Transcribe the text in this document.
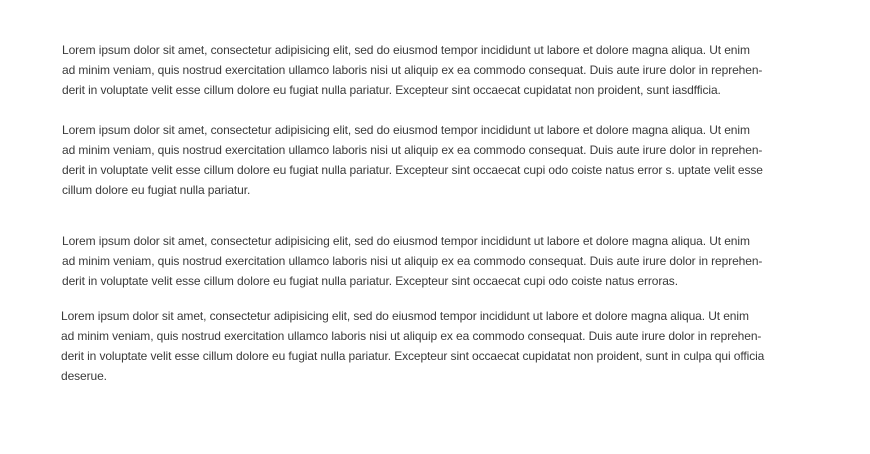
Lorem ipsum dolor sit amet, consectetur adipisicing elit, sed do eiusmod tempor incididunt ut labore et dolore magna aliqua. Ut enim
ad minim veniam, quis nostrud exercitation ullamco laboris nisi ut aliquip ex ea commodo consequat. Duis aute irure dolor in reprehen-
derit in voluptate velit esse cillum dolore eu fugiat nulla pariatur. Excepteur sint occaecat cupidatat non proident, sunt iasdfficia.

Lorem ipsum dolor sit amet, consectetur adipisicing elit, sed do eiusmod tempor incididunt ut labore et dolore magna aliqua. Ut enim
ad minim veniam, quis nostrud exercitation ullamco laboris nisi ut aliquip ex ea commodo consequat. Duis aute irure dolor in reprehen-
derit in voluptate velit esse cillum dolore eu fugiat nulla pariatur. Excepteur sint occaecat cupi odo coiste natus error s. uptate velit esse
cillum dolore eu fugiat nulla pariatur.

Lorem ipsum dolor sit amet, consectetur adipisicing elit, sed do eiusmod tempor incididunt ut labore et dolore magna aliqua. Ut enim
ad minim veniam, quis nostrud exercitation ullamco laboris nisi ut aliquip ex ea commodo consequat. Duis aute irure dolor in reprehen-
derit in voluptate velit esse cillum dolore eu fugiat nulla pariatur. Excepteur sint occaecat cupi odo coiste natus erroras.

Lorem ipsum dolor sit amet, consectetur adipisicing elit, sed do eiusmod tempor incididunt ut labore et dolore magna aliqua. Ut enim
ad minim veniam, quis nostrud exercitation ullamco laboris nisi ut aliquip ex ea commodo consequat. Duis aute irure dolor in reprehen-
derit in voluptate velit esse cillum dolore eu fugiat nulla pariatur. Excepteur sint occaecat cupidatat non proident, sunt in culpa qui officia
deserue.
